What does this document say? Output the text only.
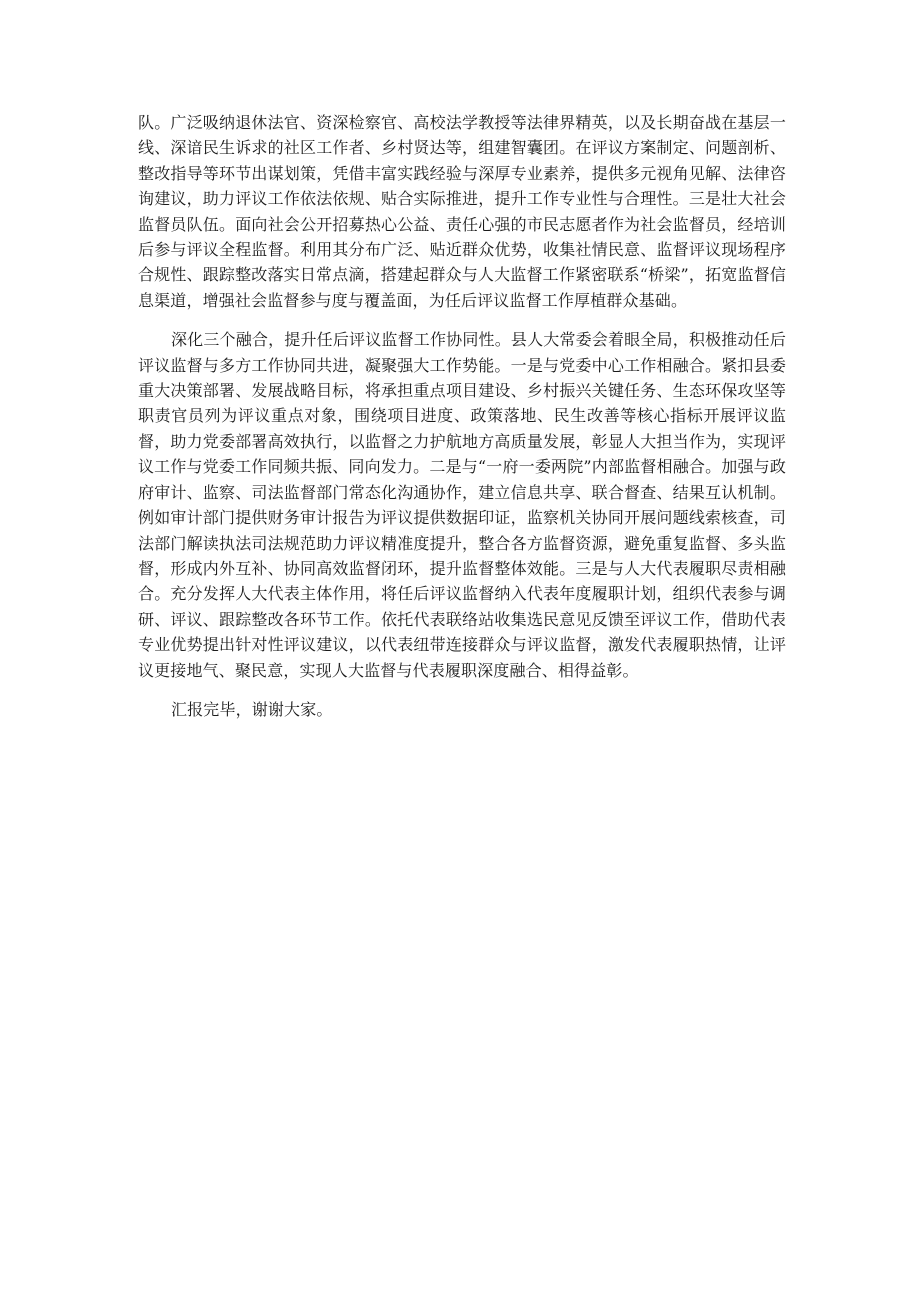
队。广泛吸纳退休法官、资深检察官、高校法学教授等法律界精英，以及长期奋战在基层一线、深谙民生诉求的社区工作者、乡村贤达等，组建智囊团。在评议方案制定、问题剖析、整改指导等环节出谋划策，凭借丰富实践经验与深厚专业素养，提供多元视角见解、法律咨询建议，助力评议工作依法依规、贴合实际推进，提升工作专业性与合理性。三是壮大社会监督员队伍。面向社会公开招募热心公益、责任心强的市民志愿者作为社会监督员，经培训后参与评议全程监督。利用其分布广泛、贴近群众优势，收集社情民意、监督评议现场程序合规性、跟踪整改落实日常点滴，搭建起群众与人大监督工作紧密联系“桥梁”，拓宽监督信息渠道，增强社会监督参与度与覆盖面，为任后评议监督工作厚植群众基础。

深化三个融合，提升任后评议监督工作协同性。县人大常委会着眼全局，积极推动任后评议监督与多方工作协同共进，凝聚强大工作势能。一是与党委中心工作相融合。紧扣县委重大决策部署、发展战略目标，将承担重点项目建设、乡村振兴关键任务、生态环保攻坚等职责官员列为评议重点对象，围绕项目进度、政策落地、民生改善等核心指标开展评议监督，助力党委部署高效执行，以监督之力护航地方高质量发展，彰显人大担当作为，实现评议工作与党委工作同频共振、同向发力。二是与“一府一委两院”内部监督相融合。加强与政府审计、监察、司法监督部门常态化沟通协作，建立信息共享、联合督查、结果互认机制。例如审计部门提供财务审计报告为评议提供数据印证，监察机关协同开展问题线索核查，司法部门解读执法司法规范助力评议精准度提升，整合各方监督资源，避免重复监督、多头监督，形成内外互补、协同高效监督闭环，提升监督整体效能。三是与人大代表履职尽责相融合。充分发挥人大代表主体作用，将任后评议监督纳入代表年度履职计划，组织代表参与调研、评议、跟踪整改各环节工作。依托代表联络站收集选民意见反馈至评议工作，借助代表专业优势提出针对性评议建议，以代表纽带连接群众与评议监督，激发代表履职热情，让评议更接地气、聚民意，实现人大监督与代表履职深度融合、相得益彰。

汇报完毕，谢谢大家。
